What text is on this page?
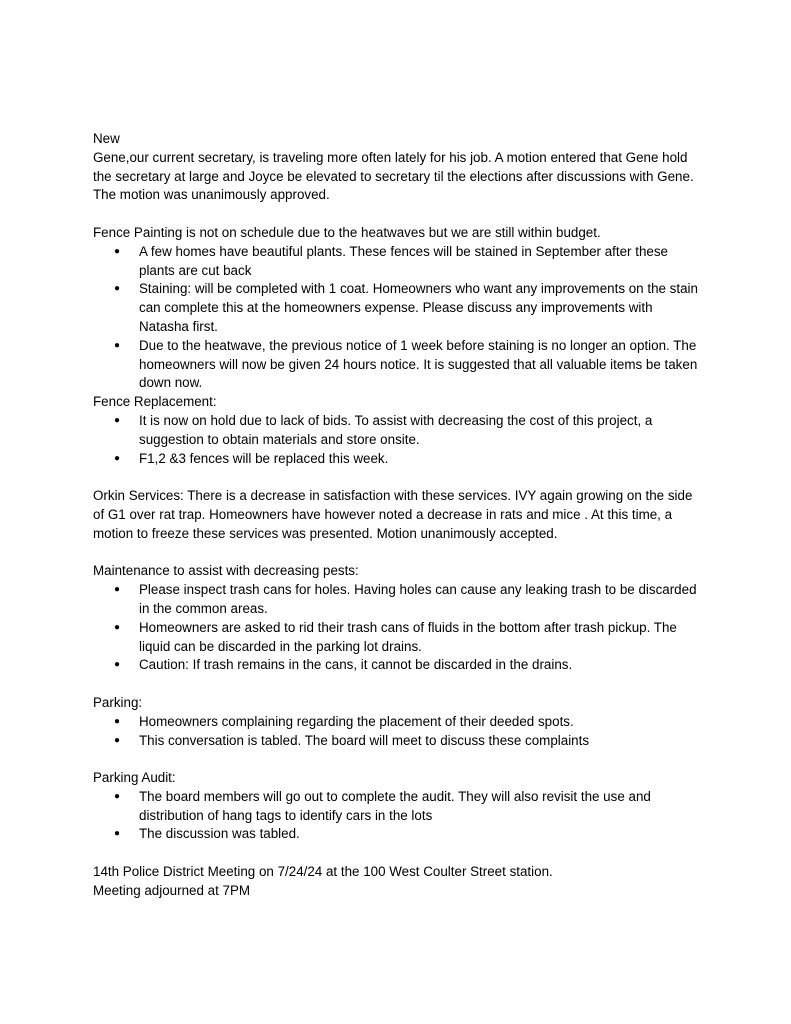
New

Gene,our current secretary, is traveling more often lately for his job. A motion entered that Gene hold the secretary at large and Joyce be elevated to secretary til the elections after discussions with Gene.

The motion was unanimously approved.

Fence Painting is not on schedule due to the heatwaves but we are still within budget.

● A few homes have beautiful plants. These fences will be stained in September after these plants are cut back
● Staining: will be completed with 1 coat. Homeowners who want any improvements on the stain can complete this at the homeowners expense. Please discuss any improvements with Natasha first.
● Due to the heatwave, the previous notice of 1 week before staining is no longer an option. The homeowners will now be given 24 hours notice. It is suggested that all valuable items be taken down now.

Fence Replacement:

● It is now on hold due to lack of bids. To assist with decreasing the cost of this project, a suggestion to obtain materials and store onsite.
● F1,2 &3 fences will be replaced this week.

Orkin Services: There is a decrease in satisfaction with these services. IVY again growing on the side of G1 over rat trap. Homeowners have however noted a decrease in rats and mice . At this time, a motion to freeze these services was presented. Motion unanimously accepted.

Maintenance to assist with decreasing pests:

● Please inspect trash cans for holes. Having holes can cause any leaking trash to be discarded in the common areas.
● Homeowners are asked to rid their trash cans of fluids in the bottom after trash pickup. The liquid can be discarded in the parking lot drains.
● Caution: If trash remains in the cans, it cannot be discarded in the drains.

Parking:

● Homeowners complaining regarding the placement of their deeded spots.
● This conversation is tabled. The board will meet to discuss these complaints

Parking Audit:

● The board members will go out to complete the audit. They will also revisit the use and distribution of hang tags to identify cars in the lots
● The discussion was tabled.

14th Police District Meeting on 7/24/24 at the 100 West Coulter Street station.

Meeting adjourned at 7PM
